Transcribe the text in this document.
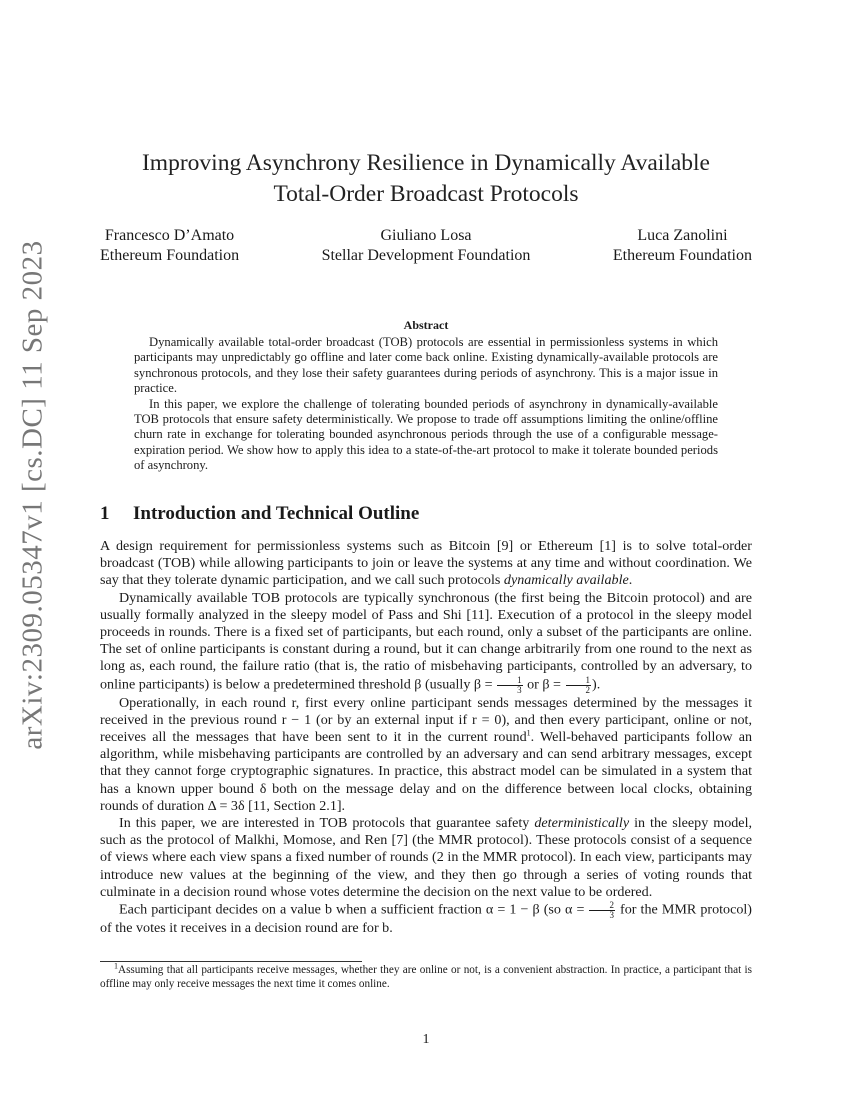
arXiv:2309.05347v1 [cs.DC] 11 Sep 2023
Improving Asynchrony Resilience in Dynamically Available
Total-Order Broadcast Protocols
Francesco D’Amato
Ethereum Foundation
Giuliano Losa
Stellar Development Foundation
Luca Zanolini
Ethereum Foundation
Abstract

Dynamically available total-order broadcast (TOB) protocols are essential in permissionless systems in which participants may unpredictably go offline and later come back online. Existing dynamically-available protocols are synchronous protocols, and they lose their safety guarantees during periods of asynchrony. This is a major issue in practice.

In this paper, we explore the challenge of tolerating bounded periods of asynchrony in dynamically-available TOB protocols that ensure safety deterministically. We propose to trade off assumptions limiting the online/offline churn rate in exchange for tolerating bounded asynchronous periods through the use of a configurable message-expiration period. We show how to apply this idea to a state-of-the-art protocol to make it tolerate bounded periods of asynchrony.

1 Introduction and Technical Outline

A design requirement for permissionless systems such as Bitcoin [9] or Ethereum [1] is to solve total-order broadcast (TOB) while allowing participants to join or leave the systems at any time and without coordination. We say that they tolerate dynamic participation, and we call such protocols dynamically available.

Dynamically available TOB protocols are typically synchronous (the first being the Bitcoin protocol) and are usually formally analyzed in the sleepy model of Pass and Shi [11]. Execution of a protocol in the sleepy model proceeds in rounds. There is a fixed set of participants, but each round, only a subset of the participants are online. The set of online participants is constant during a round, but it can change arbitrarily from one round to the next as long as, each round, the failure ratio (that is, the ratio of misbehaving participants, controlled by an adversary, to online participants) is below a predetermined threshold β (usually $\beta = \frac{1}{3}$ or $\beta = \frac{1}{2}$ ).

Operationally, in each round r, first every online participant sends messages determined by the messages it received in the previous round r − 1 (or by an external input if r = 0), and then every participant, online or not, receives all the messages that have been sent to it in the current round$^1$. Well-behaved participants follow an algorithm, while misbehaving participants are controlled by an adversary and can send arbitrary messages, except that they cannot forge cryptographic signatures. In practice, this abstract model can be simulated in a system that has a known upper bound δ both on the message delay and on the difference between local clocks, obtaining rounds of duration Δ = 3δ [11, Section 2.1].

In this paper, we are interested in TOB protocols that guarantee safety deterministically in the sleepy model, such as the protocol of Malkhi, Momose, and Ren [7] (the MMR protocol). These protocols consist of a sequence of views where each view spans a fixed number of rounds (2 in the MMR protocol). In each view, participants may introduce new values at the beginning of the view, and they then go through a series of voting rounds that culminate in a decision round whose votes determine the decision on the next value to be ordered.

Each participant decides on a value b when a sufficient fraction α = 1 − β (so $\alpha = \frac{2}{3}$ for the MMR protocol) of the votes it receives in a decision round are for b.

$^1$Assuming that all participants receive messages, whether they are online or not, is a convenient abstraction. In practice, a participant that is offline may only receive messages the next time it comes online.
1
